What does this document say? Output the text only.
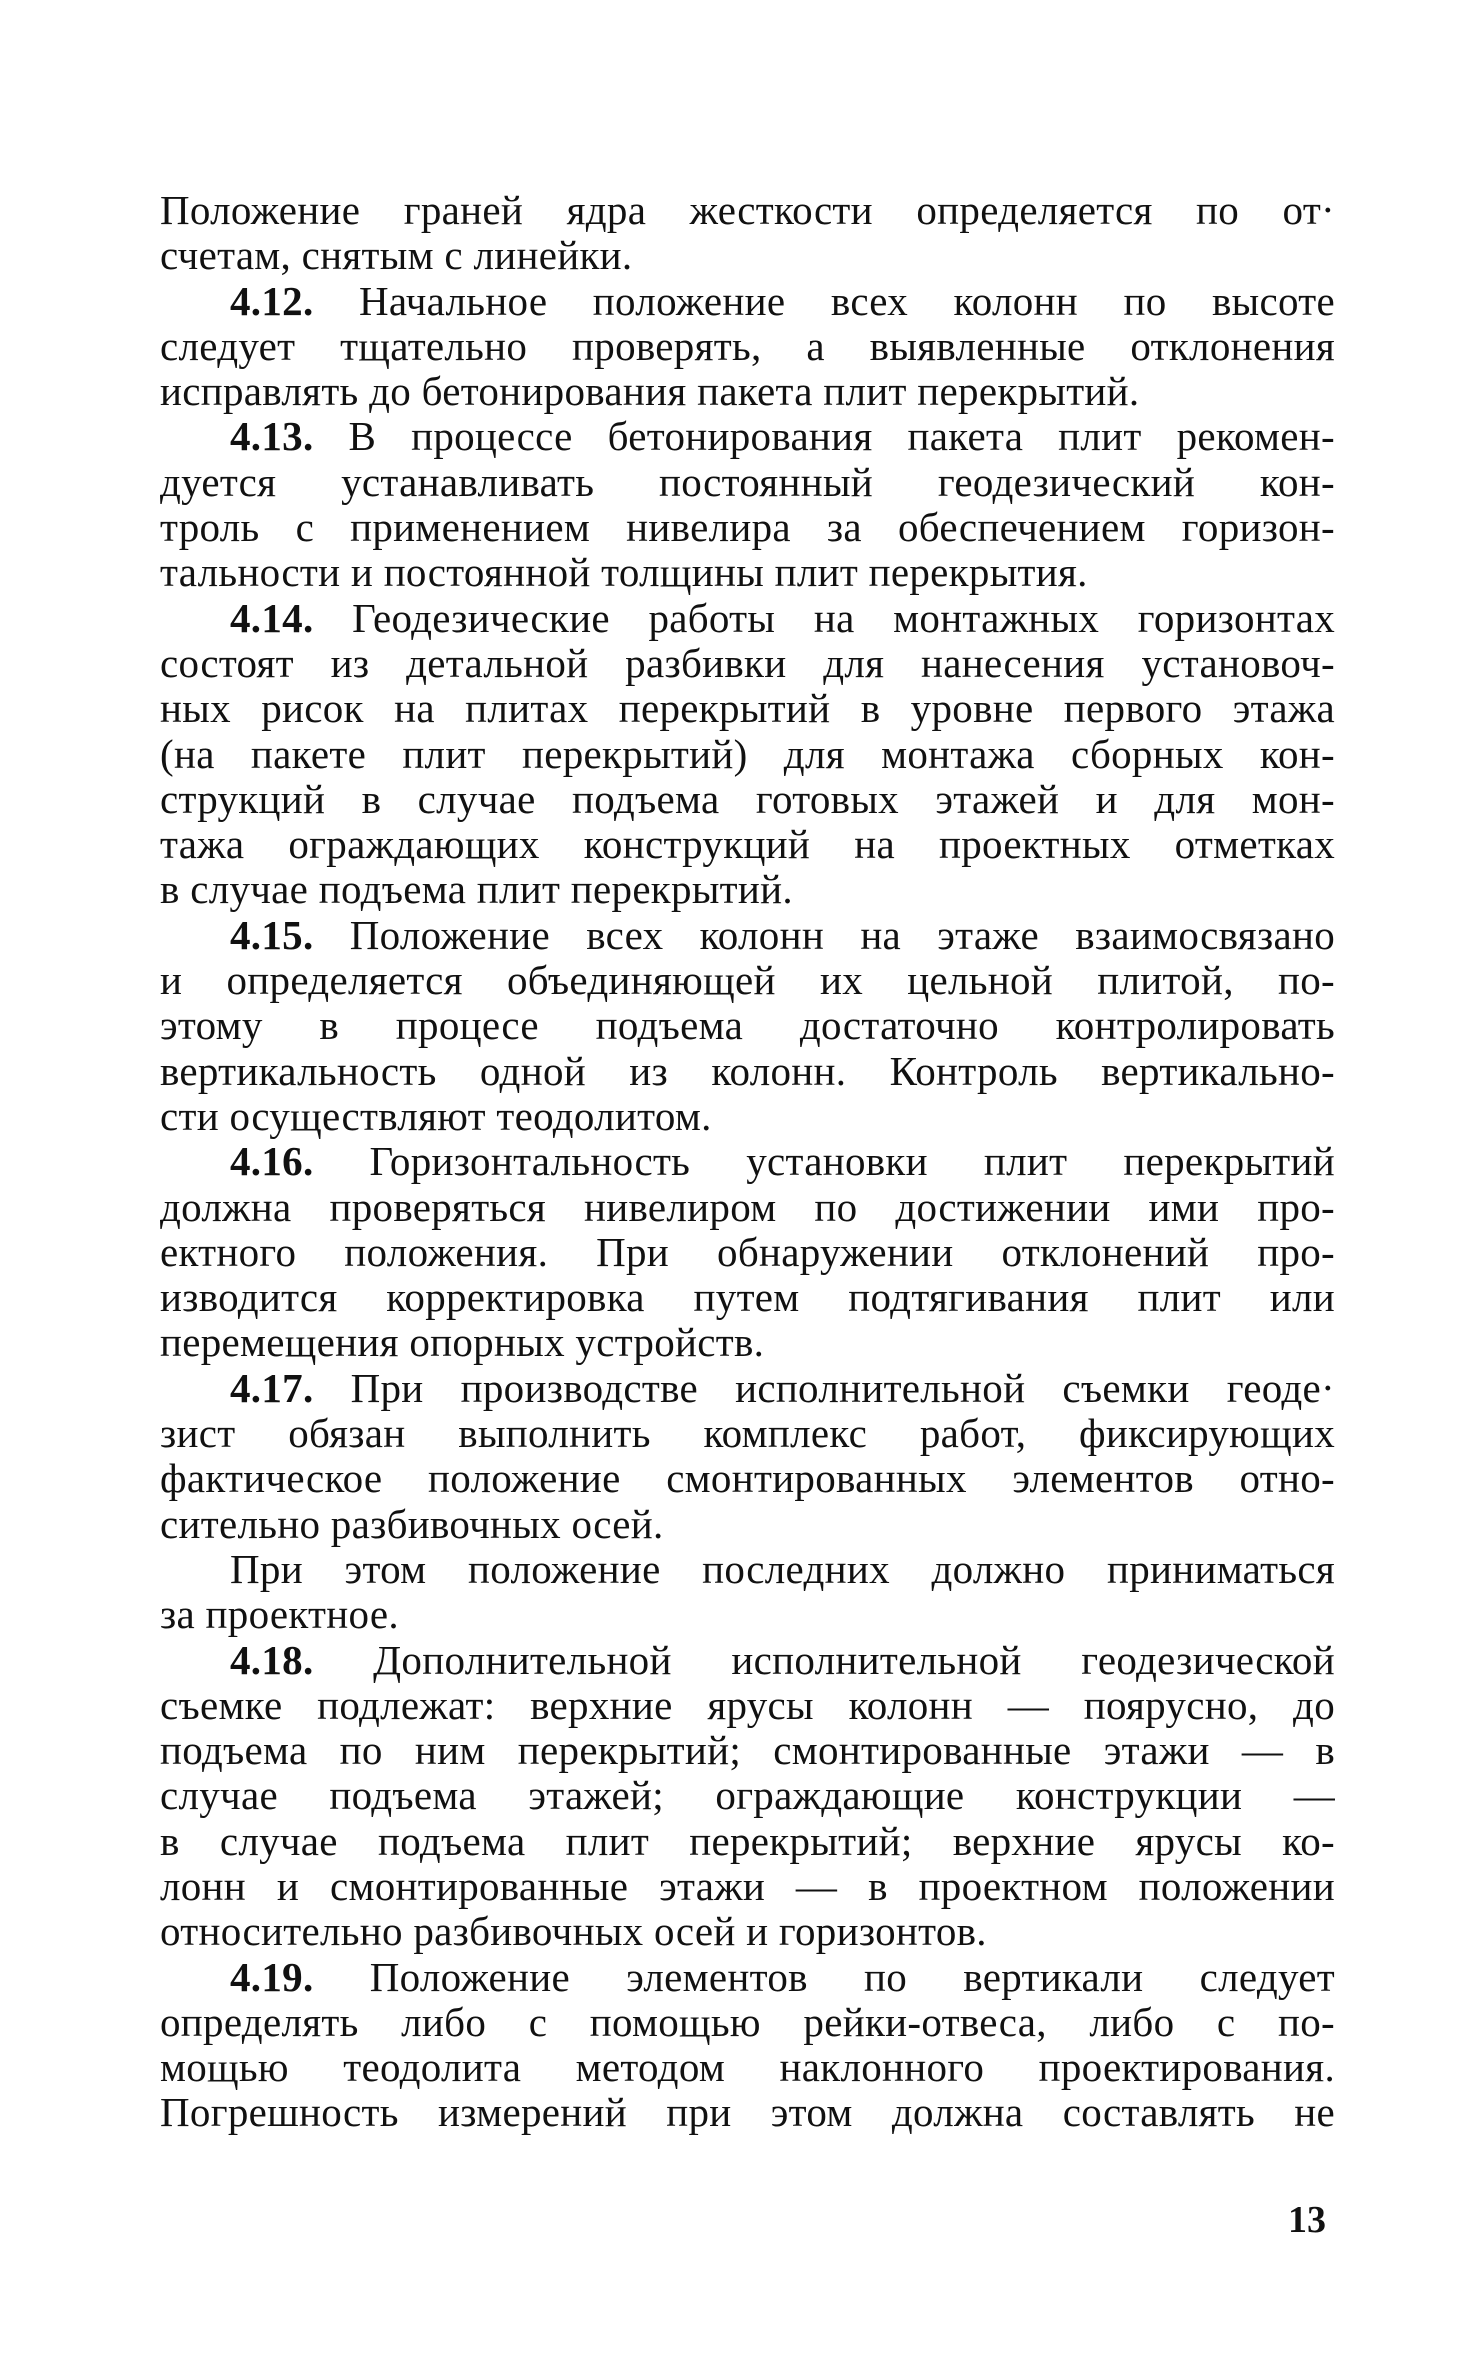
Положение граней ядра жесткости определяется по от·
счетам, снятым с линейки.
4.12. Начальное положение всех колонн по высоте
следует тщательно проверять, а выявленные отклонения
исправлять до бетонирования пакета плит перекрытий.
4.13. В процессе бетонирования пакета плит рекомен-
дуется устанавливать постоянный геодезический кон-
троль с применением нивелира за обеспечением горизон-
тальности и постоянной толщины плит перекрытия.
4.14. Геодезические работы на монтажных горизонтах
состоят из детальной разбивки для нанесения установоч-
ных рисок на плитах перекрытий в уровне первого этажа
(на пакете плит перекрытий) для монтажа сборных кон-
струкций в случае подъема готовых этажей и для мон-
тажа ограждающих конструкций на проектных отметках
в случае подъема плит перекрытий.
4.15. Положение всех колонн на этаже взаимосвязано
и определяется объединяющей их цельной плитой, по-
этому в процесе подъема достаточно контролировать
вертикальность одной из колонн. Контроль вертикально-
сти осуществляют теодолитом.
4.16. Горизонтальность установки плит перекрытий
должна проверяться нивелиром по достижении ими про-
ектного положения. При обнаружении отклонений про-
изводится корректировка путем подтягивания плит или
перемещения опорных устройств.
4.17. При производстве исполнительной съемки геоде·
зист обязан выполнить комплекс работ, фиксирующих
фактическое положение смонтированных элементов отно-
сительно разбивочных осей.
При этом положение последних должно приниматься
за проектное.
4.18. Дополнительной исполнительной геодезической
съемке подлежат: верхние ярусы колонн — поярусно, до
подъема по ним перекрытий; смонтированные этажи — в
случае подъема этажей; ограждающие конструкции —
в случае подъема плит перекрытий; верхние ярусы ко-
лонн и смонтированные этажи — в проектном положении
относительно разбивочных осей и горизонтов.
4.19. Положение элементов по вертикали следует
определять либо с помощью рейки-отвеса, либо с по-
мощью теодолита методом наклонного проектирования.
Погрешность измерений при этом должна составлять не
13
